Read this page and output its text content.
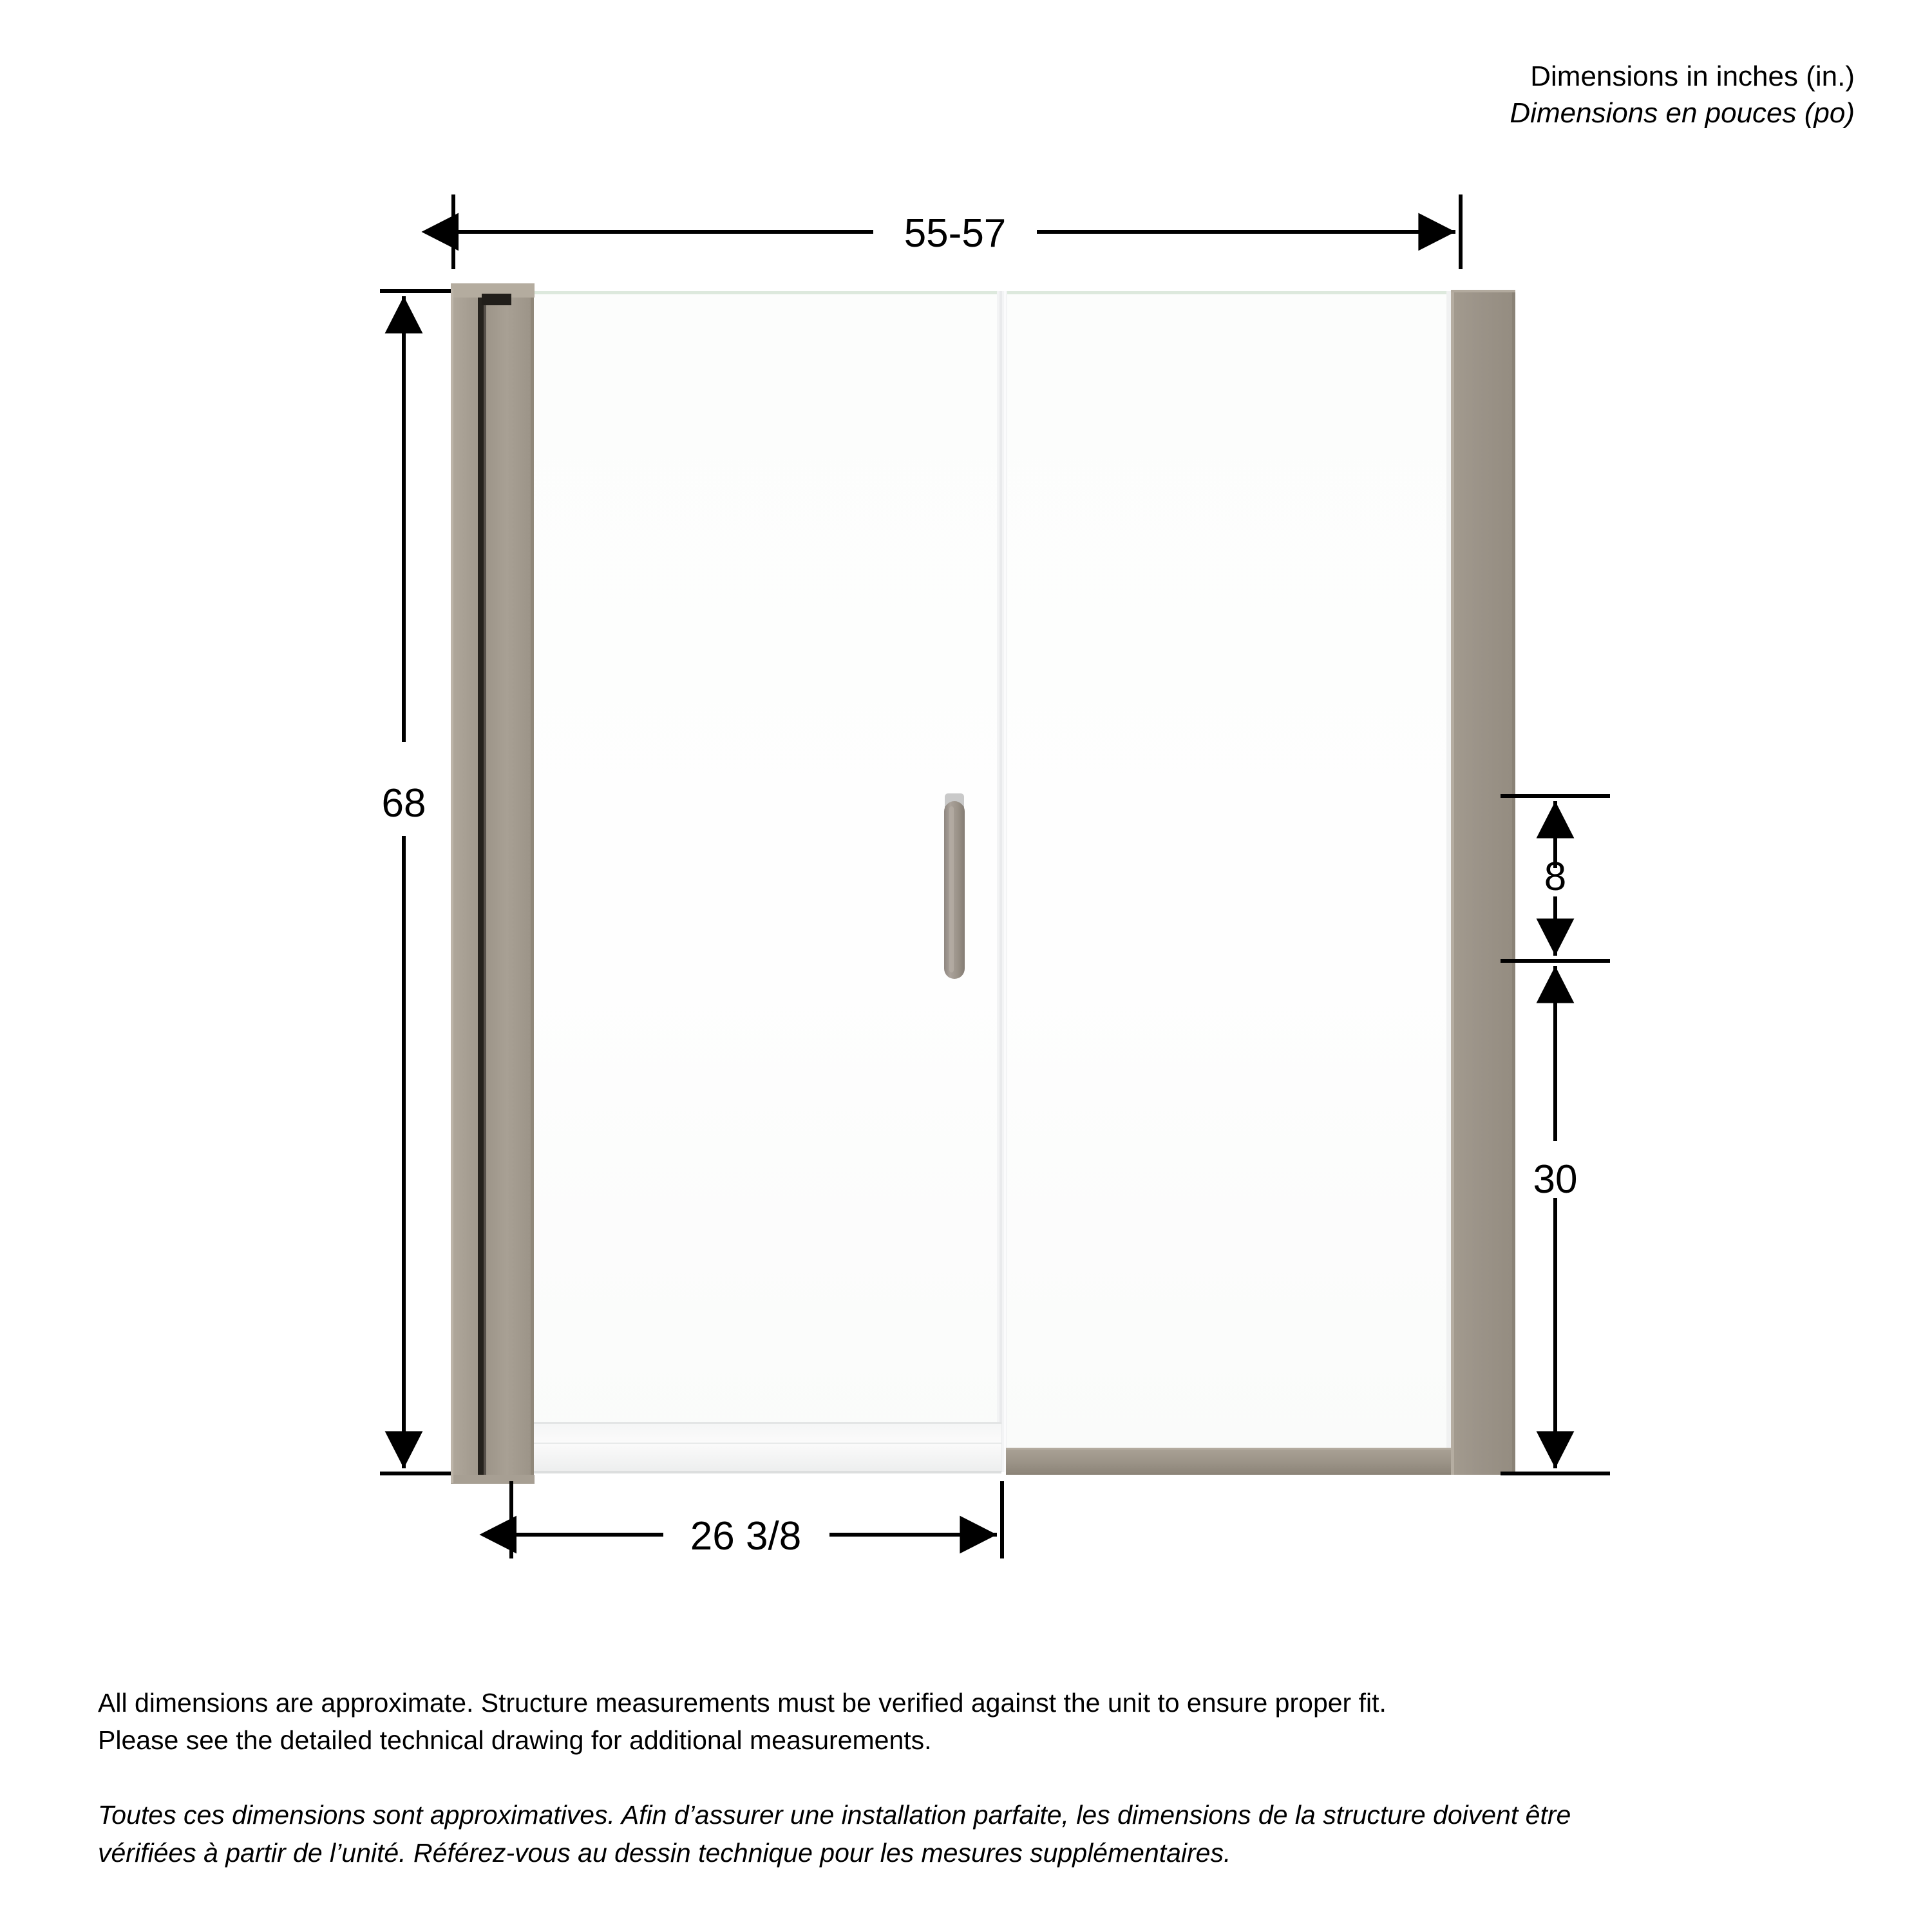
Dimensions in inches (in.)
Dimensions en pouces (po)
55-57
68
8
30
26 3/8

All dimensions are approximate. Structure measurements must be verified against the unit to ensure proper fit.
Please see the detailed technical drawing for additional measurements.

Toutes ces dimensions sont approximatives. Afin d’assurer une installation parfaite, les dimensions de la structure doivent être
vérifiées à partir de l’unité. Référez-vous au dessin technique pour les mesures supplémentaires.
